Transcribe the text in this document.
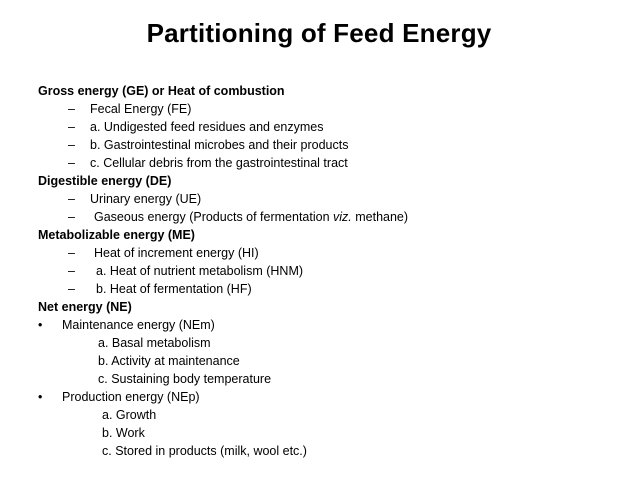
Partitioning of Feed Energy
Gross energy (GE) or Heat of combustion
– Fecal Energy (FE)
– a. Undigested feed residues and enzymes
– b. Gastrointestinal microbes and their products
– c. Cellular debris from the gastrointestinal tract
Digestible energy (DE)
– Urinary energy (UE)
– Gaseous energy (Products of fermentation viz. methane)
Metabolizable energy (ME)
– Heat of increment energy (HI)
– a. Heat of nutrient metabolism (HNM)
– b. Heat of fermentation (HF)
Net energy (NE)
• Maintenance energy (NEm)
a. Basal metabolism
b. Activity at maintenance
c. Sustaining body temperature
• Production energy (NEp)
a. Growth
b. Work
c. Stored in products (milk, wool etc.)
